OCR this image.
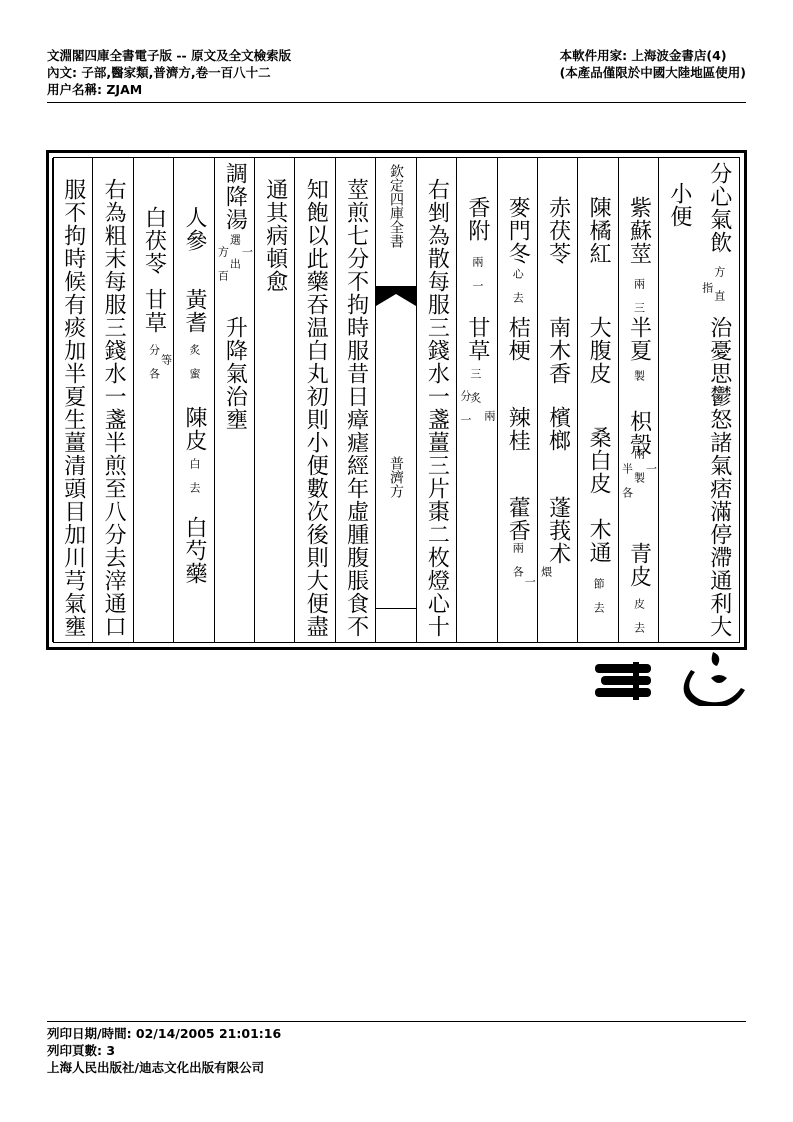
文淵閣四庫全書電子版 -- 原文及全文檢索版
內文: 子部,醫家類,普濟方,卷一百八十二
用户名稱: ZJAM
本軟件用家: 上海波金書店(4)
(本產品僅限於中國大陸地區使用)
分心氣飲
方 直
指
治憂思鬱怒諸氣痞滿停滯通利大
小便
紫蘇莖
兩 三
半夏
製
枳殼
兩 製
半 各 一
青皮
皮 去
陳橘紅
大腹皮
桑白皮
木通
節 去
赤茯苓
南木香
檳榔
蓬莪术
煨
麥門冬
心 去
桔梗
辣桂
藿香
兩 各
一
香附
兩 一
甘草
三 炙
分 一 兩
右剉為散每服三錢水一盞薑三片棗二枚燈心十
欽定四庫全書
普濟方
莖煎七分不拘時服昔日瘴瘧經年虛腫腹脹食不
知飽以此藥吞温白丸初則小便數次後則大便盡
通其病頓愈
調降湯
選 出
方 百 一
升降氣治壅
人參
黃耆
炙 蜜
陳皮
白 去
白芍藥
白茯苓
甘草
分 各 等
右為粗末每服三錢水一盞半煎至八分去滓通口
服不拘時候有痰加半夏生薑清頭目加川芎氣壅
列印日期/時間: 02/14/2005 21:01:16
列印頁數: 3
上海人民出版社/迪志文化出版有限公司
